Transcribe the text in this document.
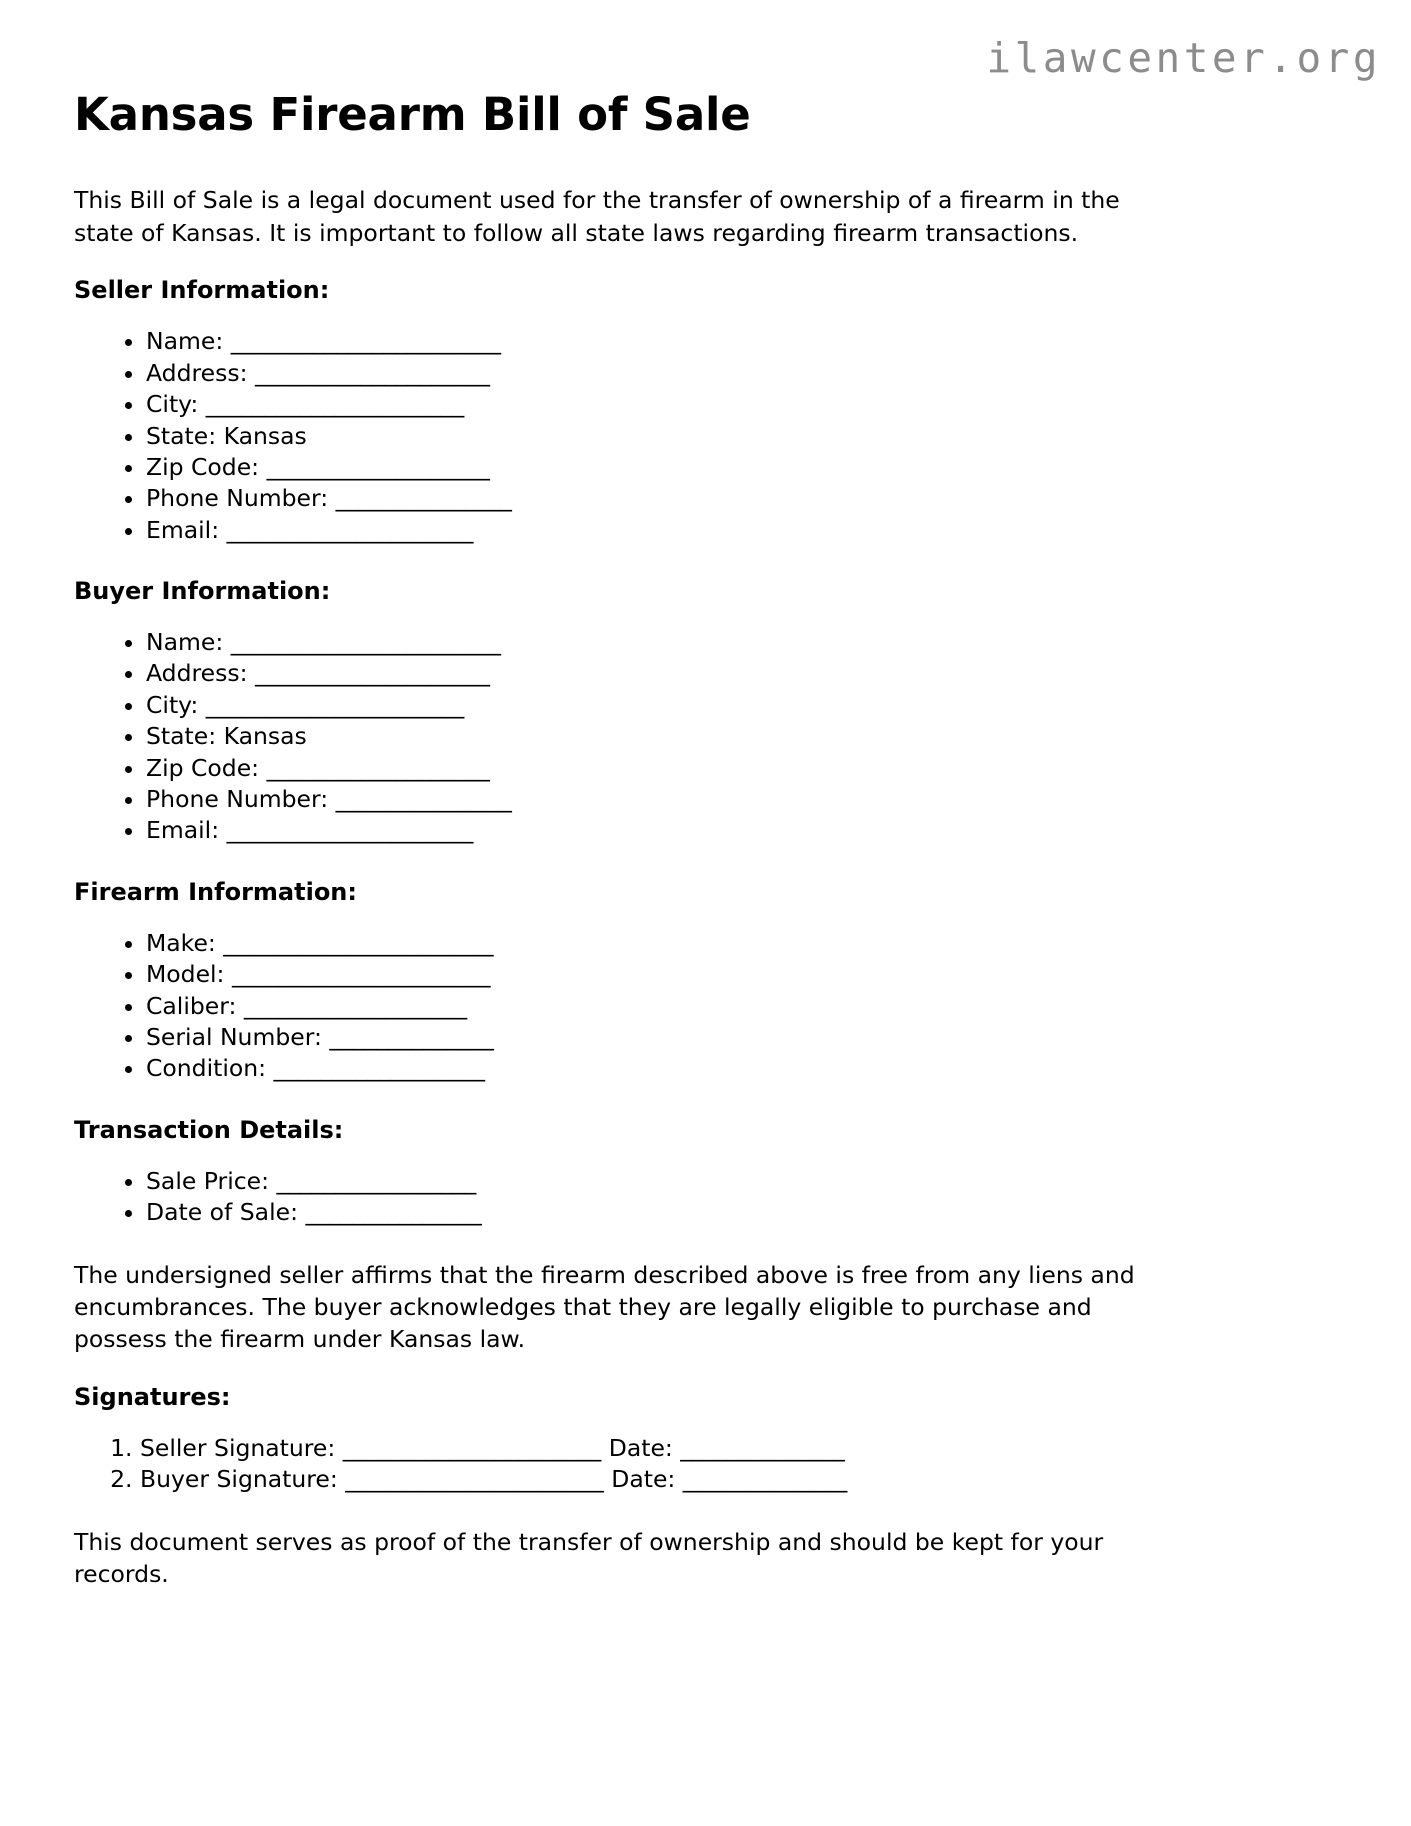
ilawcenter.org
Kansas Firearm Bill of Sale

This Bill of Sale is a legal document used for the transfer of ownership of a firearm in the state of Kansas. It is important to follow all state laws regarding firearm transactions.

Seller Information:
• Name: _______________________
• Address: ____________________
• City: ______________________
• State: Kansas
• Zip Code: ___________________
• Phone Number: _______________
• Email: _____________________
Buyer Information:
• Name: _______________________
• Address: ____________________
• City: ______________________
• State: Kansas
• Zip Code: ___________________
• Phone Number: _______________
• Email: _____________________
Firearm Information:
• Make: _______________________
• Model: ______________________
• Caliber: ___________________
• Serial Number: ______________
• Condition: __________________
Transaction Details:
• Sale Price: _________________
• Date of Sale: _______________

The undersigned seller affirms that the firearm described above is free from any liens and encumbrances. The buyer acknowledges that they are legally eligible to purchase and possess the firearm under Kansas law.

Signatures:
1. Seller Signature: ______________________ Date: ______________
2. Buyer Signature: ______________________ Date: ______________

This document serves as proof of the transfer of ownership and should be kept for your records.
